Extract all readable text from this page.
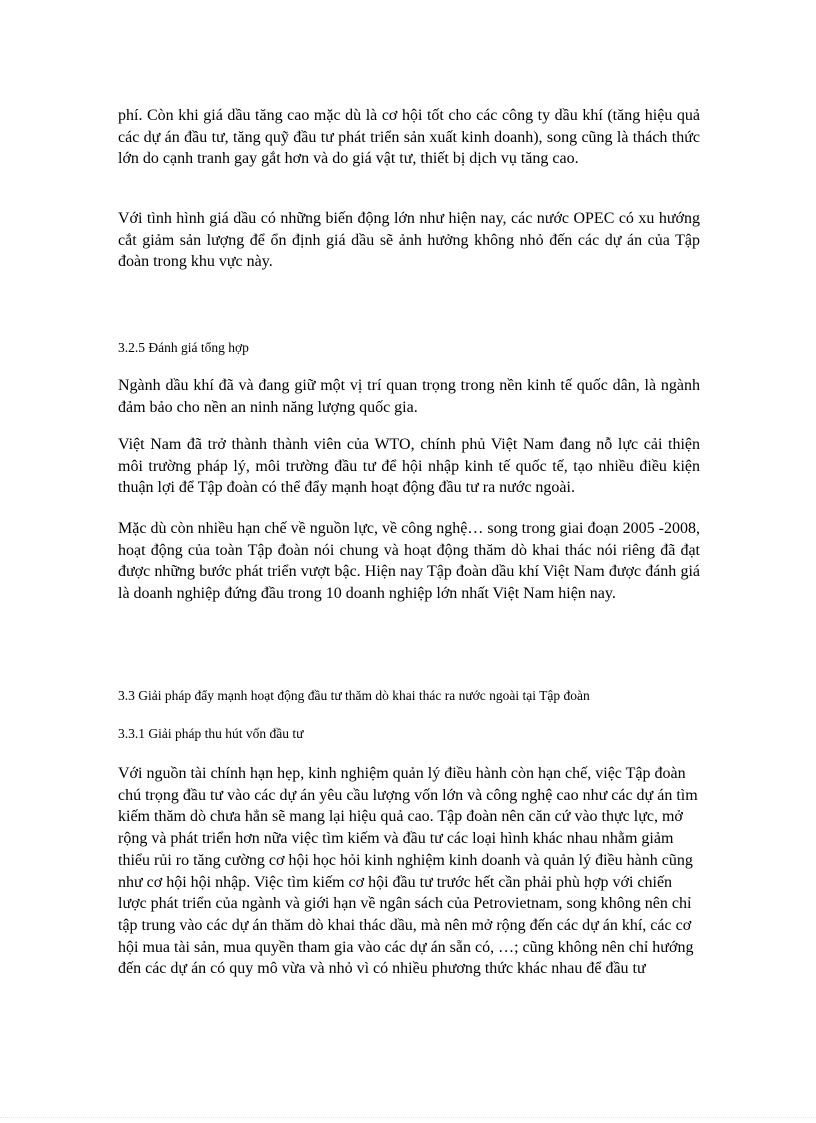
phí. Còn khi giá dầu tăng cao mặc dù là cơ hội tốt cho các công ty dầu khí (tăng hiệu quả các dự án đầu tư, tăng quỹ đầu tư phát triển sản xuất kinh doanh), song cũng là thách thức lớn do cạnh tranh gay gắt hơn và do giá vật tư, thiết bị dịch vụ tăng cao.

Với tình hình giá dầu có những biến động lớn như hiện nay, các nước OPEC có xu hướng cắt giảm sản lượng để ổn định giá dầu sẽ ảnh hưởng không nhỏ đến các dự án của Tập đoàn trong khu vực này.

3.2.5 Đánh giá tổng hợp

Ngành dầu khí đã và đang giữ một vị trí quan trọng trong nền kinh tế quốc dân, là ngành đảm bảo cho nền an ninh năng lượng quốc gia.

Việt Nam đã trở thành thành viên của WTO, chính phủ Việt Nam đang nỗ lực cải thiện môi trường pháp lý, môi trường đầu tư để hội nhập kinh tế quốc tế, tạo nhiều điều kiện thuận lợi để Tập đoàn có thể đẩy mạnh hoạt động đầu tư ra nước ngoài.

Mặc dù còn nhiều hạn chế về nguồn lực, về công nghệ… song trong giai đoạn 2005 -2008, hoạt động của toàn Tập đoàn nói chung và hoạt động thăm dò khai thác nói riêng đã đạt được những bước phát triển vượt bậc. Hiện nay Tập đoàn dầu khí Việt Nam được đánh giá là doanh nghiệp đứng đầu trong 10 doanh nghiệp lớn nhất Việt Nam hiện nay.

3.3 Giải pháp đẩy mạnh hoạt động đầu tư thăm dò khai thác ra nước ngoài tại Tập đoàn
3.3.1 Giải pháp thu hút vốn đầu tư

Với nguồn tài chính hạn hẹp, kinh nghiệm quản lý điều hành còn hạn chế, việc Tập đoàn chú trọng đầu tư vào các dự án yêu cầu lượng vốn lớn và công nghệ cao như các dự án tìm kiếm thăm dò chưa hẳn sẽ mang lại hiệu quả cao. Tập đoàn nên căn cứ vào thực lực, mở rộng và phát triển hơn nữa việc tìm kiếm và đầu tư các loại hình khác nhau nhằm giảm thiểu rủi ro tăng cường cơ hội học hỏi kinh nghiệm kinh doanh và quản lý điều hành cũng như cơ hội hội nhập. Việc tìm kiếm cơ hội đầu tư trước hết cần phải phù hợp với chiến lược phát triển của ngành và giới hạn về ngân sách của Petrovietnam, song không nên chỉ tập trung vào các dự án thăm dò khai thác dầu, mà nên mở rộng đến các dự án khí, các cơ hội mua tài sản, mua quyền tham gia vào các dự án sẵn có, …; cũng không nên chỉ hướng đến các dự án có quy mô vừa và nhỏ vì có nhiều phương thức khác nhau để đầu tư
